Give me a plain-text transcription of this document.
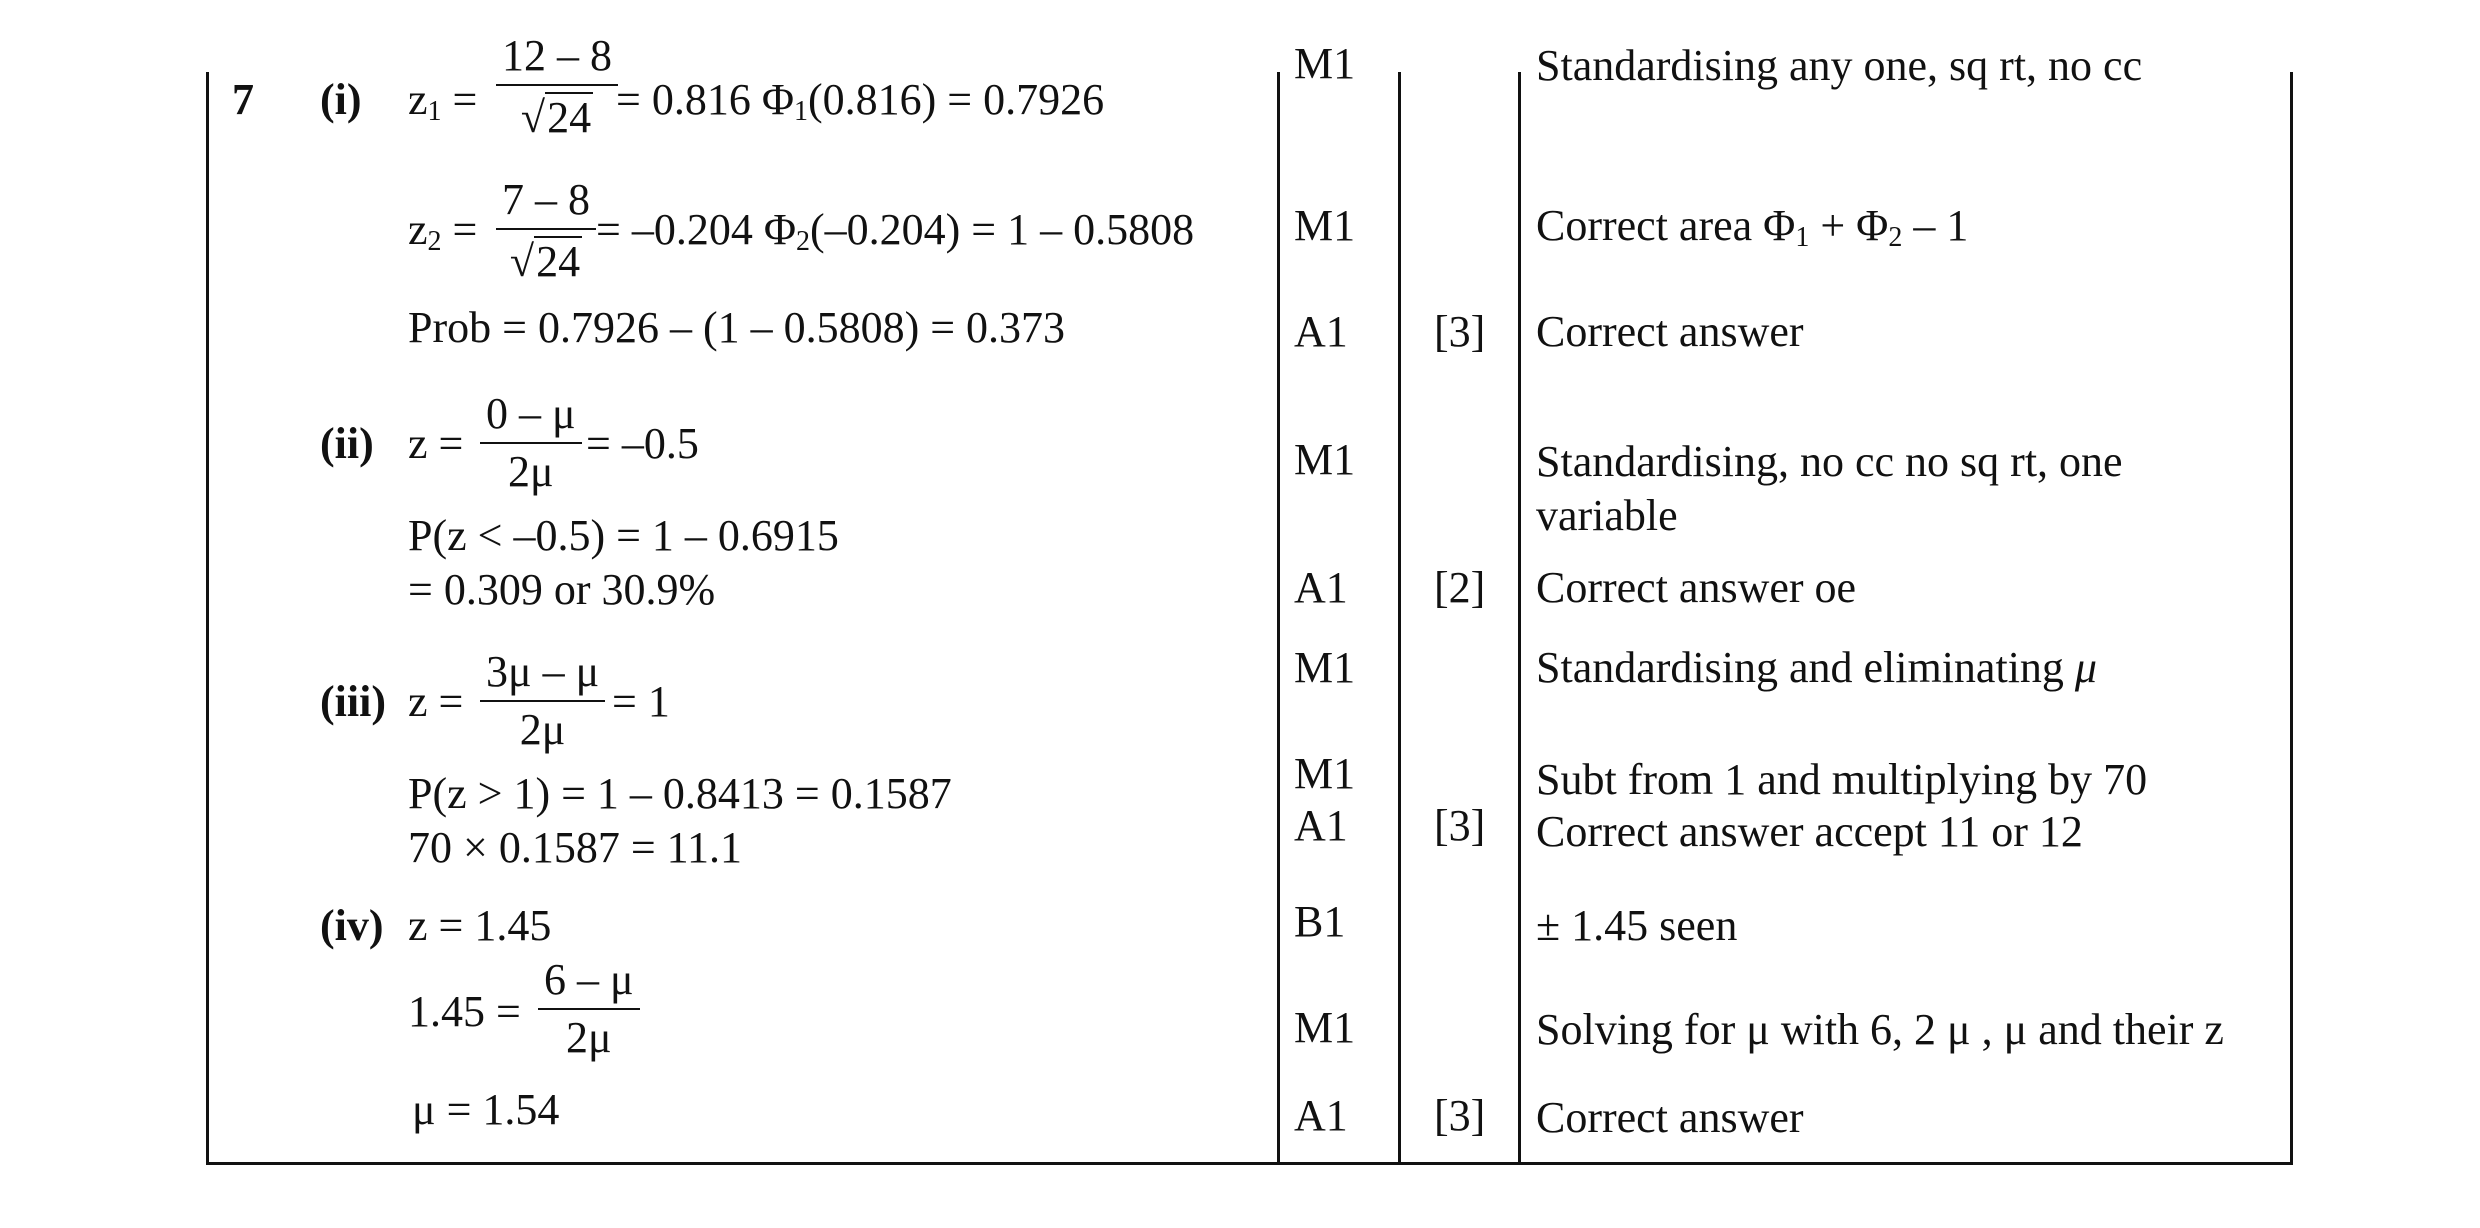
7 (i) $z_1 = \frac{12 - 8}{√24}$
= 0.816 $\Phi_1(0.816) = 0.7926$
$z_2 = \frac{7 - 8}{√24} = -0.204$ $\Phi_2(-0.204) = 1 - 0.5808$
Prob = 0.7926 – (1 – 0.5808) = 0.373
(ii) $z = \frac{0 - \mu}{2\mu} = -0.5$
P(z < –0.5) = 1 – 0.6915
= 0.309 or 30.9%
(iii) $z = \frac{3\mu - \mu}{2\mu} = 1$
P(z > 1) = 1 – 0.8413 = 0.1587
70 × 0.1587 = 11.1
(iv) z = 1.45
$1.45 = \frac{6 - \mu}{2\mu}$
μ = 1.54
M1
M1
A1
M1
A1
M1
M1
A1
B1
M1
A1
[3]
[2]
[3]
[3]
Standardising any one, sq rt, no cc
Correct area $\Phi_1 + \Phi_2 - 1$
Correct answer
Standardising, no cc no sq rt, one
variable
Correct answer oe
Standardising and eliminating μ
Subt from 1 and multiplying by 70
Correct answer accept 11 or 12
± 1.45 seen
Solving for μ with 6, 2 μ , μ and their z
Correct answer
